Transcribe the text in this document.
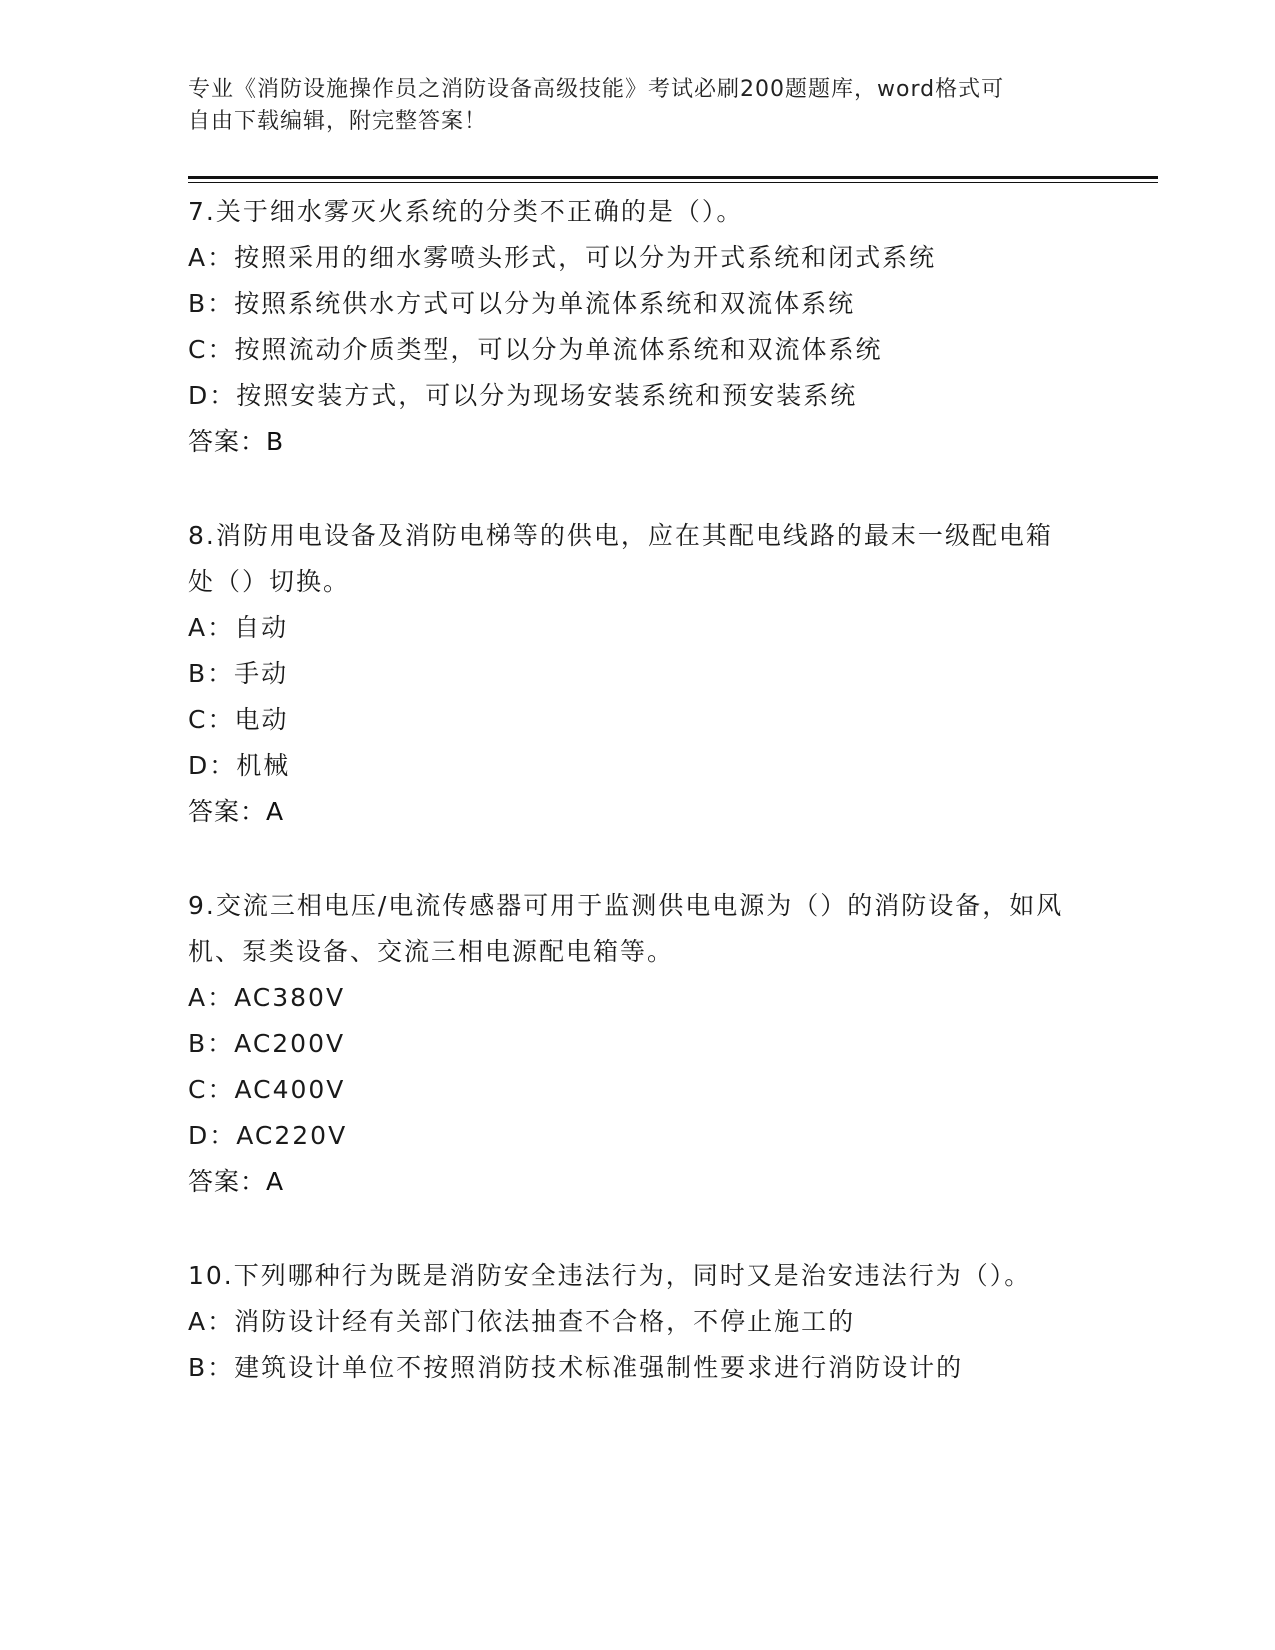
专业《消防设施操作员之消防设备高级技能》考试必刷200题题库，word格式可
自由下载编辑，附完整答案！

7.关于细水雾灭火系统的分类不正确的是（）。

A：按照采用的细水雾喷头形式，可以分为开式系统和闭式系统

B：按照系统供水方式可以分为单流体系统和双流体系统

C：按照流动介质类型，可以分为单流体系统和双流体系统

D：按照安装方式，可以分为现场安装系统和预安装系统

答案：B

8.消防用电设备及消防电梯等的供电，应在其配电线路的最末一级配电箱处（）切换。

A：自动

B：手动

C：电动

D：机械

答案：A

9.交流三相电压/电流传感器可用于监测供电电源为（）的消防设备，如风机、泵类设备、交流三相电源配电箱等。

A：AC380V

B：AC200V

C：AC400V

D：AC220V

答案：A

10.下列哪种行为既是消防安全违法行为，同时又是治安违法行为（）。

A：消防设计经有关部门依法抽查不合格，不停止施工的

B：建筑设计单位不按照消防技术标准强制性要求进行消防设计的
